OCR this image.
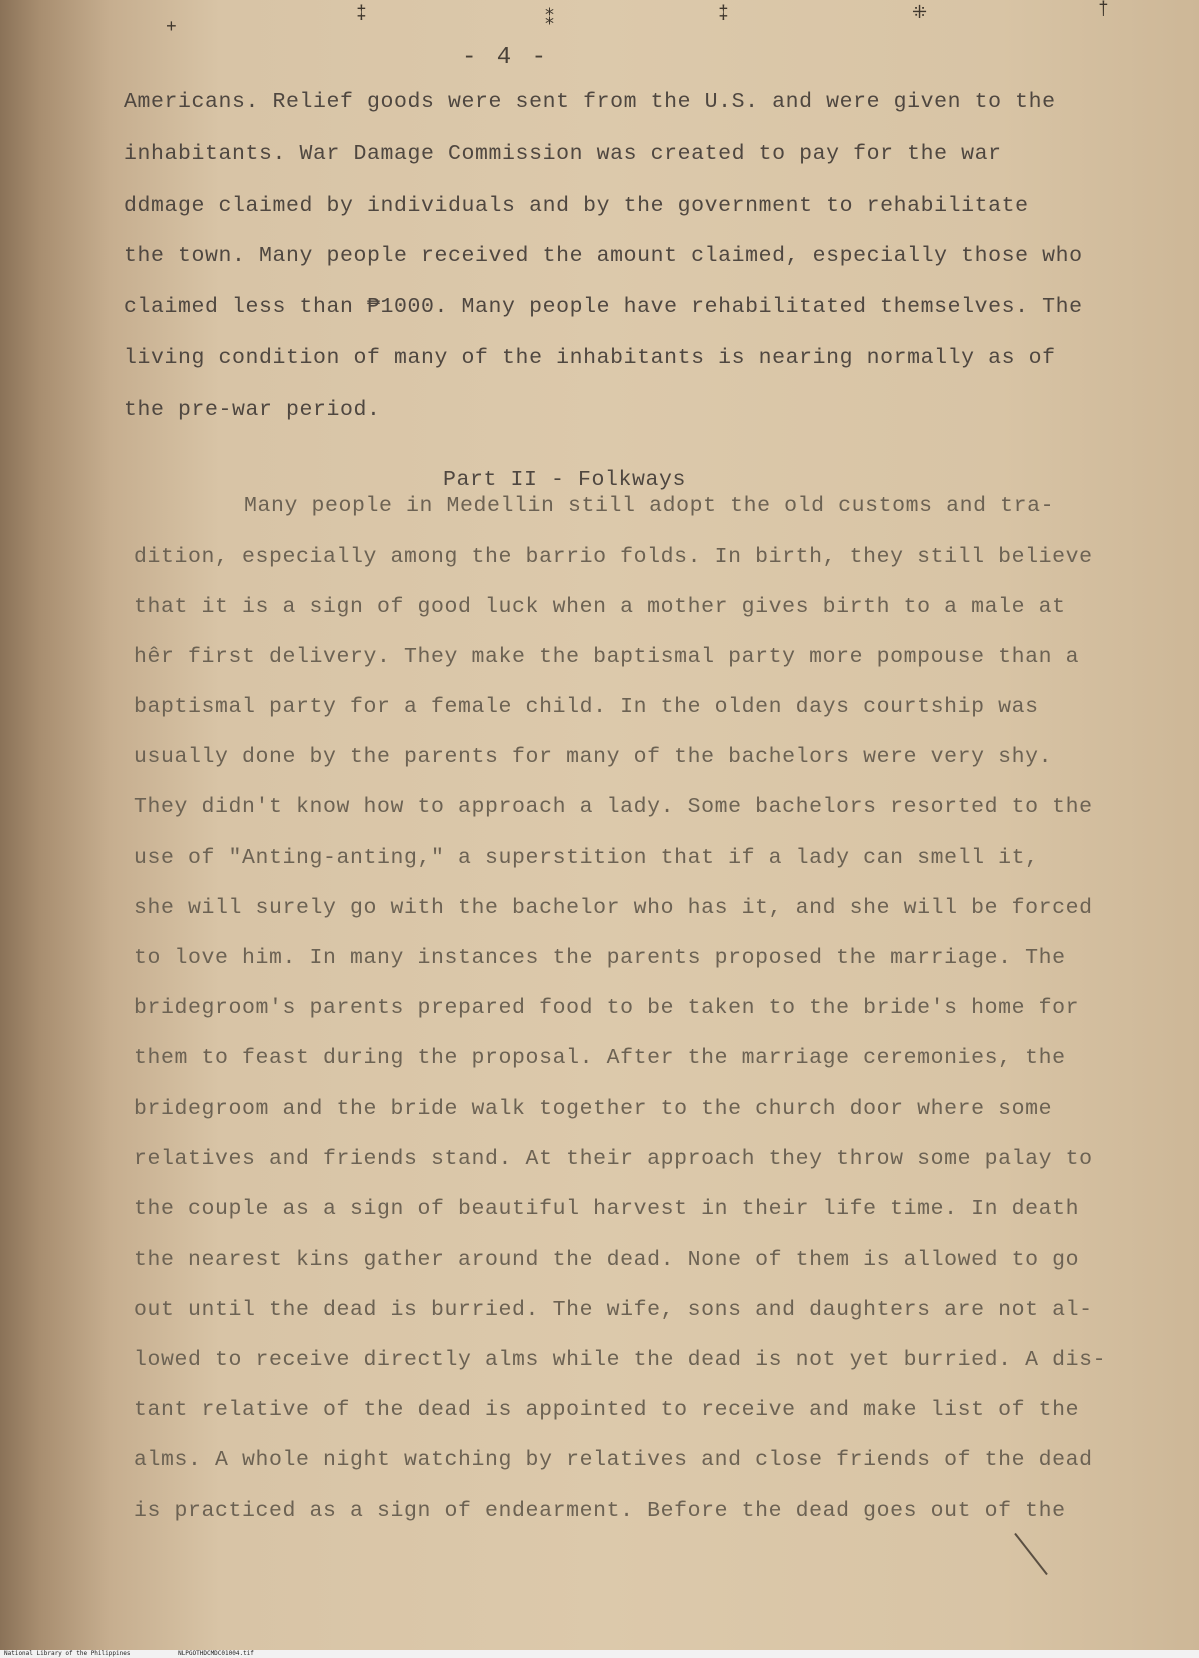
+
‡	⁑	‡	⁜	†
- 4 -
Americans. Relief goods were sent from the U.S. and were given to the
inhabitants. War Damage Commission was created to pay for the war
ddmage claimed by individuals and by the government to rehabilitate
the town. Many people received the amount claimed, especially those who
claimed less than ₱1000. Many people have rehabilitated themselves. The
living condition of many of the inhabitants is nearing normally as of
the pre-war period.
Part II - Folkways
Many people in Medellin still adopt the old customs and tra-
dition, especially among the barrio folds. In birth, they still believe
that it is a sign of good luck when a mother gives birth to a male at
hêr first delivery. They make the baptismal party more pompouse than a
baptismal party for a female child. In the olden days courtship was
usually done by the parents for many of the bachelors were very shy.
They didn't know how to approach a lady. Some bachelors resorted to the
use of "Anting-anting," a superstition that if a lady can smell it,
she will surely go with the bachelor who has it, and she will be forced
to love him. In many instances the parents proposed the marriage. The
bridegroom's parents prepared food to be taken to the bride's home for
them to feast during the proposal. After the marriage ceremonies, the
bridegroom and the bride walk together to the church door where some
relatives and friends stand. At their approach they throw some palay to
the couple as a sign of beautiful harvest in their life time. In death
the nearest kins gather around the dead. None of them is allowed to go
out until the dead is burried. The wife, sons and daughters are not al-
lowed to receive directly alms while the dead is not yet burried. A dis-
tant relative of the dead is appointed to receive and make list of the
alms. A whole night watching by relatives and close friends of the dead
is practiced as a sign of endearment. Before the dead goes out of the
National Library of the Philippines	NLPGOTHDCMDC01004.tif
